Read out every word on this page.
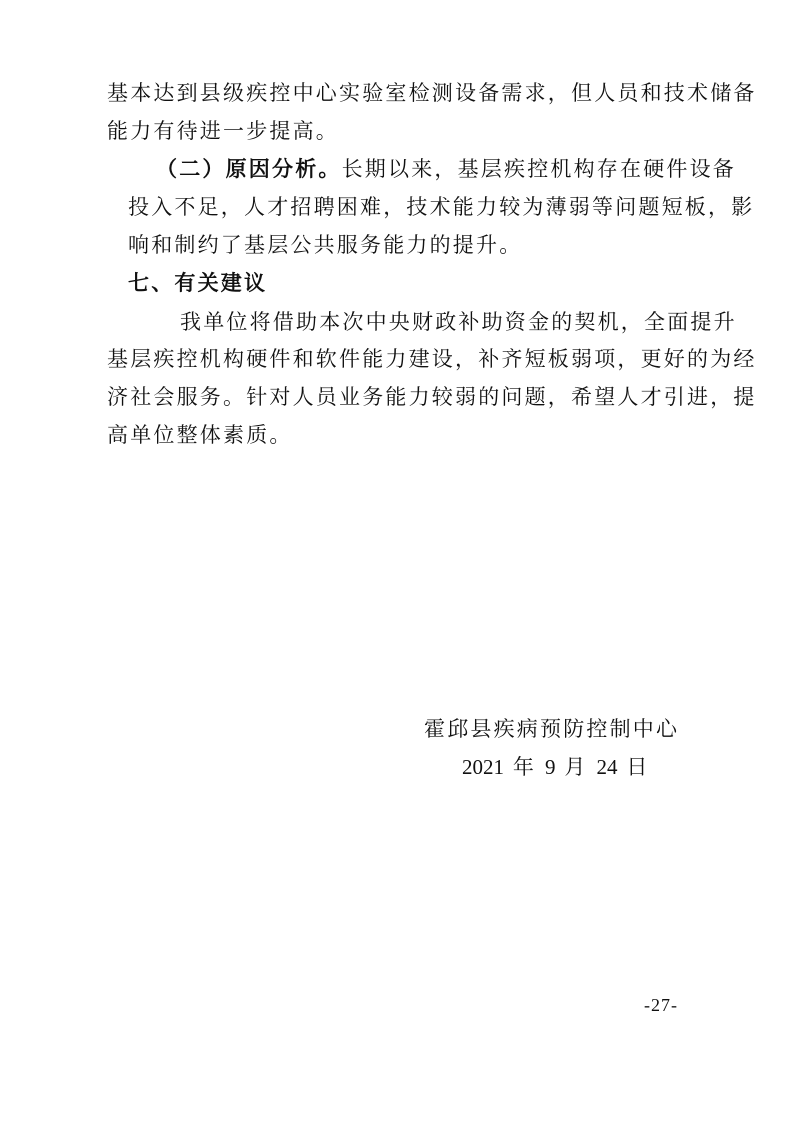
基本达到县级疾控中心实验室检测设备需求，但人员和技术储备
能力有待进一步提高。
（二）原因分析。长期以来，基层疾控机构存在硬件设备
投入不足，人才招聘困难，技术能力较为薄弱等问题短板，影
响和制约了基层公共服务能力的提升。
七、有关建议
我单位将借助本次中央财政补助资金的契机，全面提升
基层疾控机构硬件和软件能力建设，补齐短板弱项，更好的为经
济社会服务。针对人员业务能力较弱的问题，希望人才引进，提
高单位整体素质。
霍邱县疾病预防控制中心
2021 年 9 月 24 日
-27-
